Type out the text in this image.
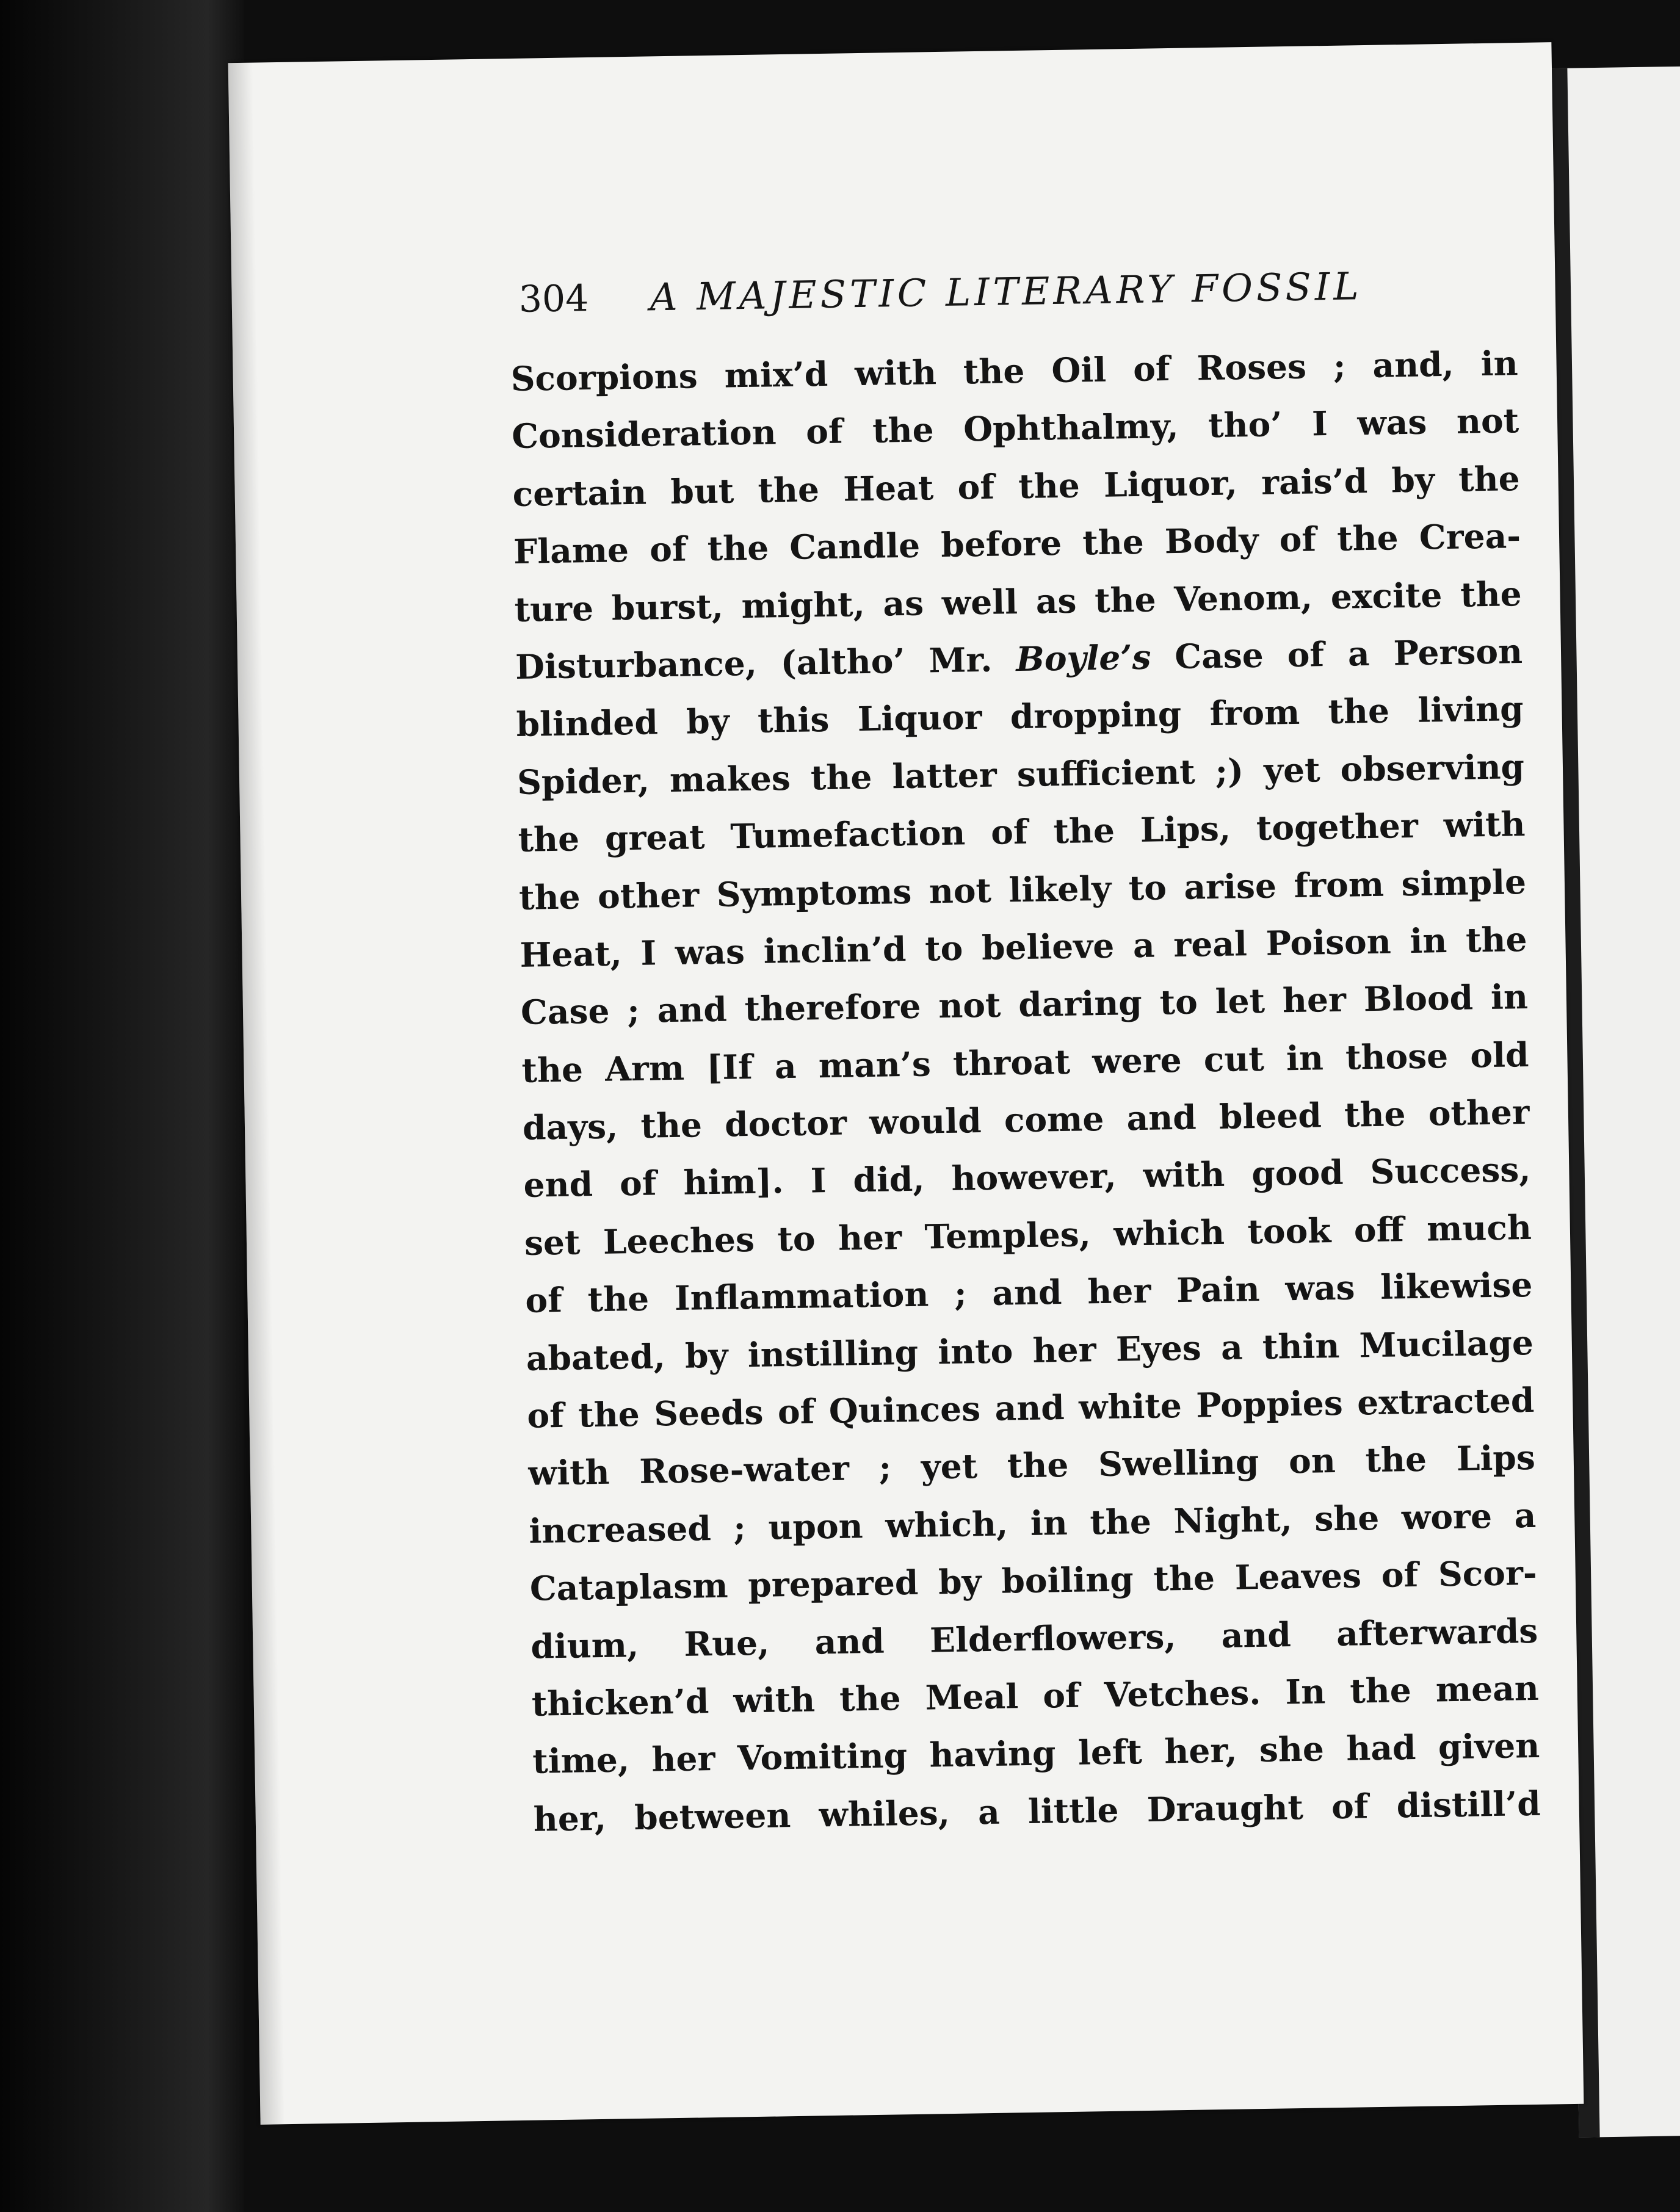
304 A MAJESTIC LITERARY FOSSIL
Scorpions mix’d with the Oil of Roses ; and, in
Consideration of the Ophthalmy, tho’ I was not
certain but the Heat of the Liquor, rais’d by the
Flame of the Candle before the Body of the Crea-
ture burst, might, as well as the Venom, excite the
Disturbance, (altho’ Mr. Boyle’s Case of a Person
blinded by this Liquor dropping from the living
Spider, makes the latter sufficient ;) yet observing
the great Tumefaction of the Lips, together with
the other Symptoms not likely to arise from simple
Heat, I was inclin’d to believe a real Poison in the
Case ; and therefore not daring to let her Blood in
the Arm [If a man’s throat were cut in those old
days, the doctor would come and bleed the other
end of him]. I did, however, with good Success,
set Leeches to her Temples, which took off much
of the Inflammation ; and her Pain was likewise
abated, by instilling into her Eyes a thin Mucilage
of the Seeds of Quinces and white Poppies extracted
with Rose-water ; yet the Swelling on the Lips
increased ; upon which, in the Night, she wore a
Cataplasm prepared by boiling the Leaves of Scor-
dium, Rue, and Elderflowers, and afterwards
thicken’d with the Meal of Vetches. In the mean
time, her Vomiting having left her, she had given
her, between whiles, a little Draught of distill’d
